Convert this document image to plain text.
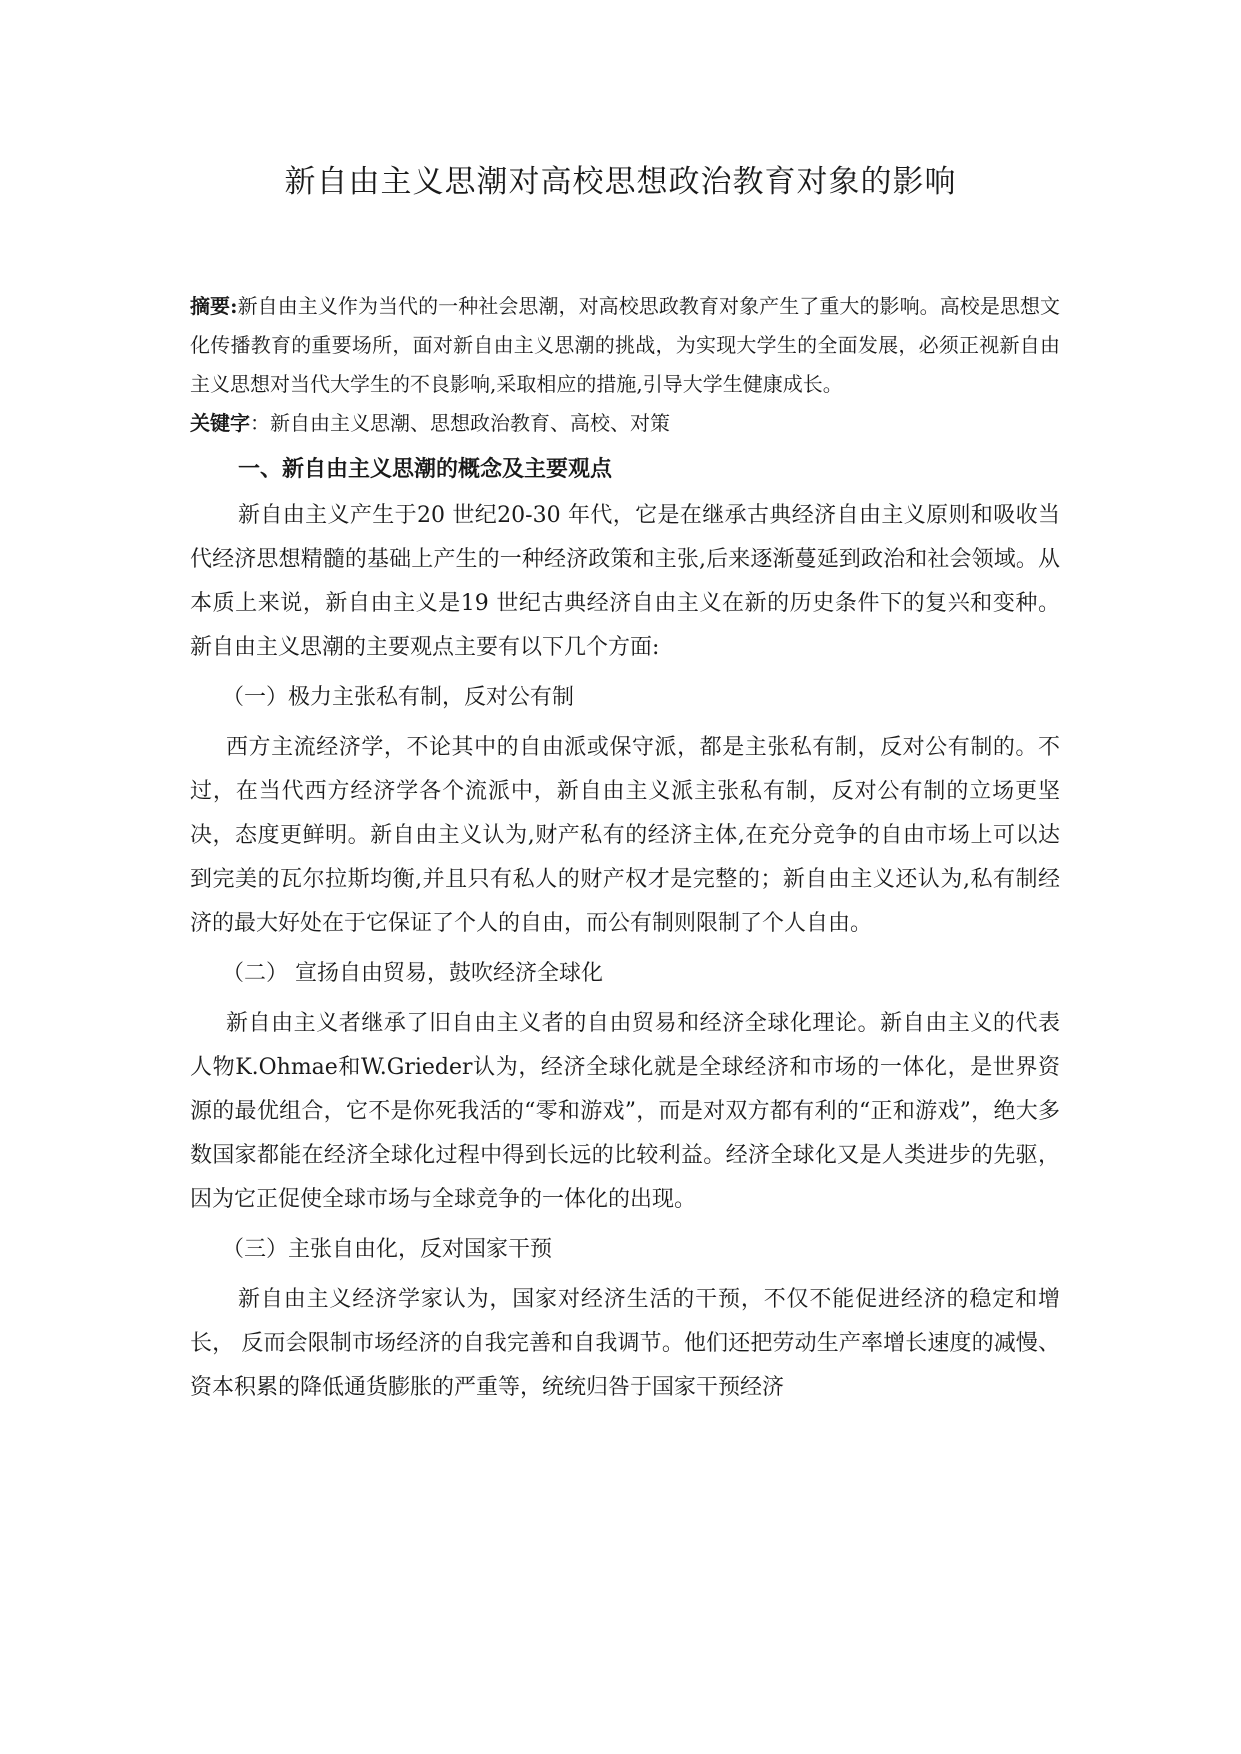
新自由主义思潮对高校思想政治教育对象的影响

摘要:新自由主义作为当代的一种社会思潮，对高校思政教育对象产生了重大的影响。高校是思想文化传播教育的重要场所，面对新自由主义思潮的挑战，为实现大学生的全面发展，必须正视新自由主义思想对当代大学生的不良影响,采取相应的措施,引导大学生健康成长。

关键字：新自由主义思潮、思想政治教育、高校、对策

一、新自由主义思潮的概念及主要观点

新自由主义产生于20 世纪20-30 年代，它是在继承古典经济自由主义原则和吸收当代经济思想精髓的基础上产生的一种经济政策和主张,后来逐渐蔓延到政治和社会领域。从本质上来说，新自由主义是19 世纪古典经济自由主义在新的历史条件下的复兴和变种。新自由主义思潮的主要观点主要有以下几个方面:

（一）极力主张私有制，反对公有制

西方主流经济学，不论其中的自由派或保守派，都是主张私有制，反对公有制的。不过，在当代西方经济学各个流派中，新自由主义派主张私有制，反对公有制的立场更坚决，态度更鲜明。新自由主义认为,财产私有的经济主体,在充分竞争的自由市场上可以达到完美的瓦尔拉斯均衡,并且只有私人的财产权才是完整的；新自由主义还认为,私有制经济的最大好处在于它保证了个人的自由，而公有制则限制了个人自由。

（二） 宣扬自由贸易，鼓吹经济全球化

新自由主义者继承了旧自由主义者的自由贸易和经济全球化理论。新自由主义的代表人物K.Ohmae和W.Grieder认为，经济全球化就是全球经济和市场的一体化，是世界资源的最优组合，它不是你死我活的“零和游戏”，而是对双方都有利的“正和游戏”，绝大多数国家都能在经济全球化过程中得到长远的比较利益。经济全球化又是人类进步的先驱，因为它正促使全球市场与全球竞争的一体化的出现。

（三）主张自由化，反对国家干预

新自由主义经济学家认为，国家对经济生活的干预，不仅不能促进经济的稳定和增长， 反而会限制市场经济的自我完善和自我调节。他们还把劳动生产率增长速度的减慢、资本积累的降低通货膨胀的严重等，统统归咎于国家干预经济
